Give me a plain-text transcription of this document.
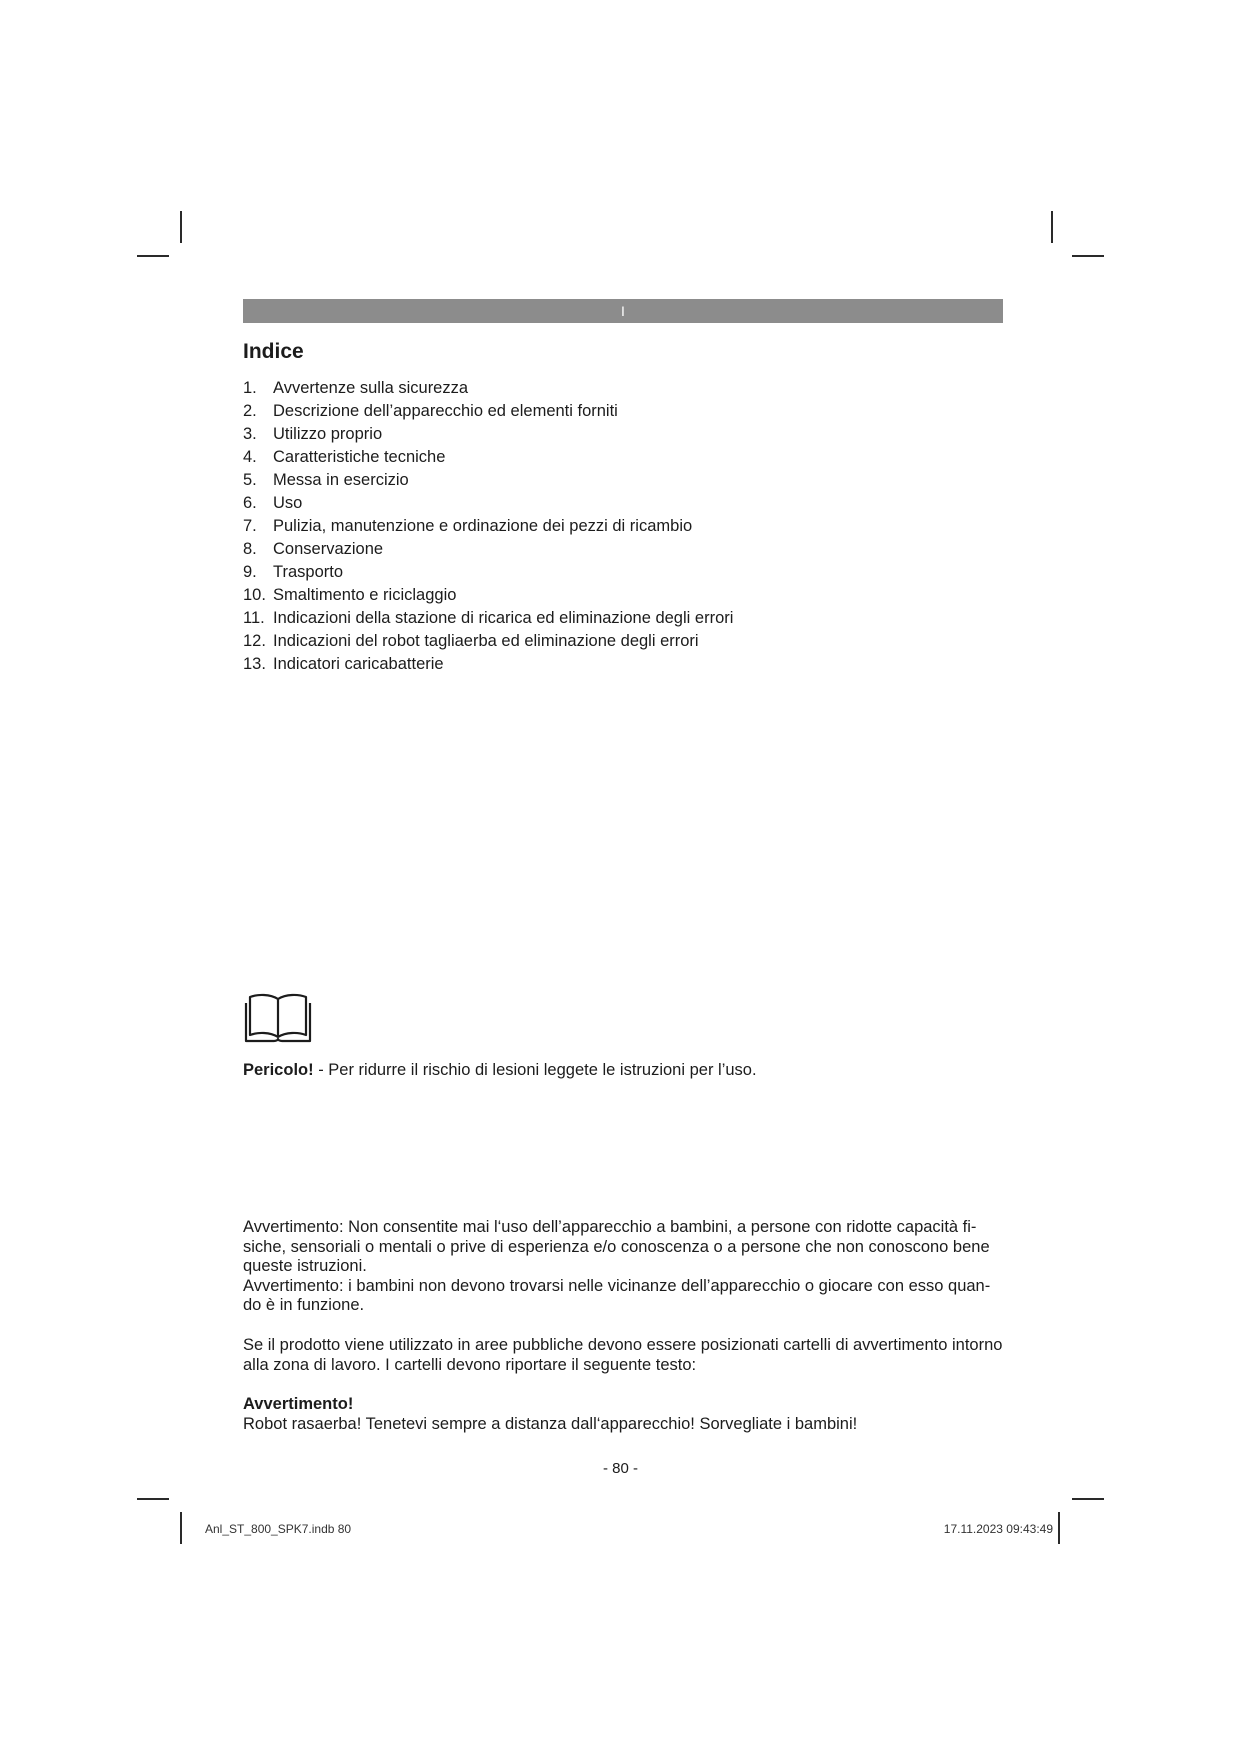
I
Indice
1. Avvertenze sulla sicurezza
2. Descrizione dell’apparecchio ed elementi forniti
3. Utilizzo proprio
4. Caratteristiche tecniche
5. Messa in esercizio
6. Uso
7. Pulizia, manutenzione e ordinazione dei pezzi di ricambio
8. Conservazione
9. Trasporto
10. Smaltimento e riciclaggio
11. Indicazioni della stazione di ricarica ed eliminazione degli errori
12. Indicazioni del robot tagliaerba ed eliminazione degli errori
13. Indicatori caricabatterie
Pericolo! - Per ridurre il rischio di lesioni leggete le istruzioni per l’uso.
Avvertimento: Non consentite mai l‘uso dell’apparecchio a bambini, a persone con ridotte capacità fi-
siche, sensoriali o mentali o prive di esperienza e/o conoscenza o a persone che non conoscono bene
queste istruzioni.
Avvertimento: i bambini non devono trovarsi nelle vicinanze dell’apparecchio o giocare con esso quan-
do è in funzione.
Se il prodotto viene utilizzato in aree pubbliche devono essere posizionati cartelli di avvertimento intorno
alla zona di lavoro. I cartelli devono riportare il seguente testo:
Avvertimento!
Robot rasaerba! Tenetevi sempre a distanza dall‘apparecchio! Sorvegliate i bambini!
- 80 -
Anl_ST_800_SPK7.indb 80	17.11.2023 09:43:49
